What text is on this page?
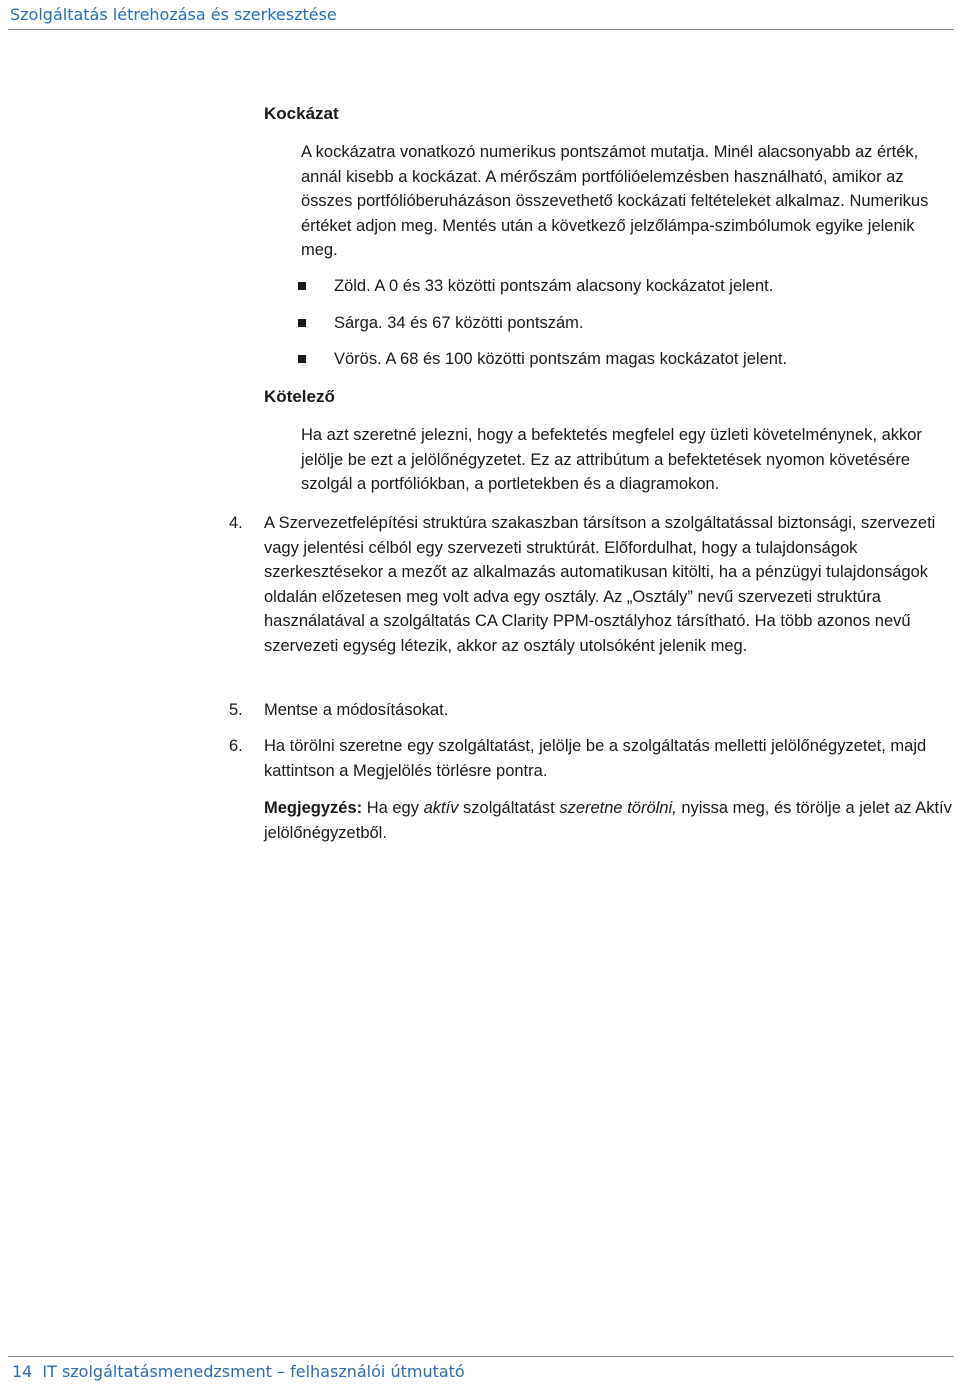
Szolgáltatás létrehozása és szerkesztése
Kockázat
A kockázatra vonatkozó numerikus pontszámot mutatja. Minél alacsonyabb az érték, annál kisebb a kockázat. A mérőszám portfólióelemzésben használható, amikor az összes portfólióberuházáson összevethető kockázati feltételeket alkalmaz. Numerikus értéket adjon meg. Mentés után a következő jelzőlámpa-szimbólumok egyike jelenik meg.
Zöld. A 0 és 33 közötti pontszám alacsony kockázatot jelent.
Sárga. 34 és 67 közötti pontszám.
Vörös. A 68 és 100 közötti pontszám magas kockázatot jelent.
Kötelező
Ha azt szeretné jelezni, hogy a befektetés megfelel egy üzleti követelménynek, akkor jelölje be ezt a jelölőnégyzetet. Ez az attribútum a befektetések nyomon követésére szolgál a portfóliókban, a portletekben és a diagramokon.
4.	A Szervezetfelépítési struktúra szakaszban társítson a szolgáltatással biztonsági, szervezeti vagy jelentési célból egy szervezeti struktúrát. Előfordulhat, hogy a tulajdonságok szerkesztésekor a mezőt az alkalmazás automatikusan kitölti, ha a pénzügyi tulajdonságok oldalán előzetesen meg volt adva egy osztály. Az „Osztály” nevű szervezeti struktúra használatával a szolgáltatás CA Clarity PPM-osztályhoz társítható. Ha több azonos nevű szervezeti egység létezik, akkor az osztály utolsóként jelenik meg.
5.	Mentse a módosításokat.
6.	Ha törölni szeretne egy szolgáltatást, jelölje be a szolgáltatás melletti jelölőnégyzetet, majd kattintson a Megjelölés törlésre pontra.
Megjegyzés: Ha egy aktív szolgáltatást szeretne törölni, nyissa meg, és törölje a jelet az Aktív jelölőnégyzetből.
14 IT szolgáltatásmenedzsment – felhasználói útmutató
